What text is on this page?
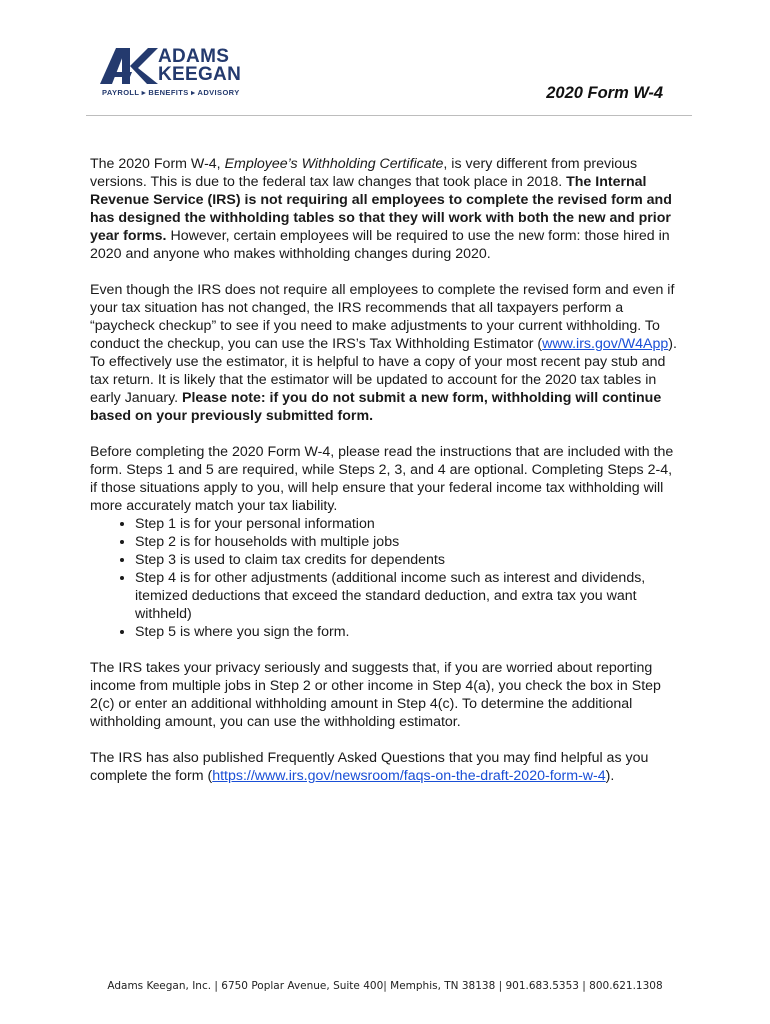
ADAMS
KEEGAN
PAYROLL ▸ BENEFITS ▸ ADVISORY	2020 Form W-4

The 2020 Form W-4, Employee’s Withholding Certificate, is very different from previous versions. This is due to the federal tax law changes that took place in 2018. The Internal Revenue Service (IRS) is not requiring all employees to complete the revised form and has designed the withholding tables so that they will work with both the new and prior year forms. However, certain employees will be required to use the new form: those hired in 2020 and anyone who makes withholding changes during 2020.

Even though the IRS does not require all employees to complete the revised form and even if your tax situation has not changed, the IRS recommends that all taxpayers perform a “paycheck checkup” to see if you need to make adjustments to your current withholding. To conduct the checkup, you can use the IRS’s Tax Withholding Estimator (www.irs.gov/W4App). To effectively use the estimator, it is helpful to have a copy of your most recent pay stub and tax return. It is likely that the estimator will be updated to account for the 2020 tax tables in early January. Please note: if you do not submit a new form, withholding will continue based on your previously submitted form.

Before completing the 2020 Form W-4, please read the instructions that are included with the form. Steps 1 and 5 are required, while Steps 2, 3, and 4 are optional. Completing Steps 2-4, if those situations apply to you, will help ensure that your federal income tax withholding will more accurately match your tax liability.

• Step 1 is for your personal information
• Step 2 is for households with multiple jobs
• Step 3 is used to claim tax credits for dependents
• Step 4 is for other adjustments (additional income such as interest and dividends, itemized deductions that exceed the standard deduction, and extra tax you want withheld)
• Step 5 is where you sign the form.

The IRS takes your privacy seriously and suggests that, if you are worried about reporting income from multiple jobs in Step 2 or other income in Step 4(a), you check the box in Step 2(c) or enter an additional withholding amount in Step 4(c). To determine the additional withholding amount, you can use the withholding estimator.

The IRS has also published Frequently Asked Questions that you may find helpful as you complete the form (https://www.irs.gov/newsroom/faqs-on-the-draft-2020-form-w-4).

Adams Keegan, Inc. | 6750 Poplar Avenue, Suite 400| Memphis, TN 38138 | 901.683.5353 | 800.621.1308
